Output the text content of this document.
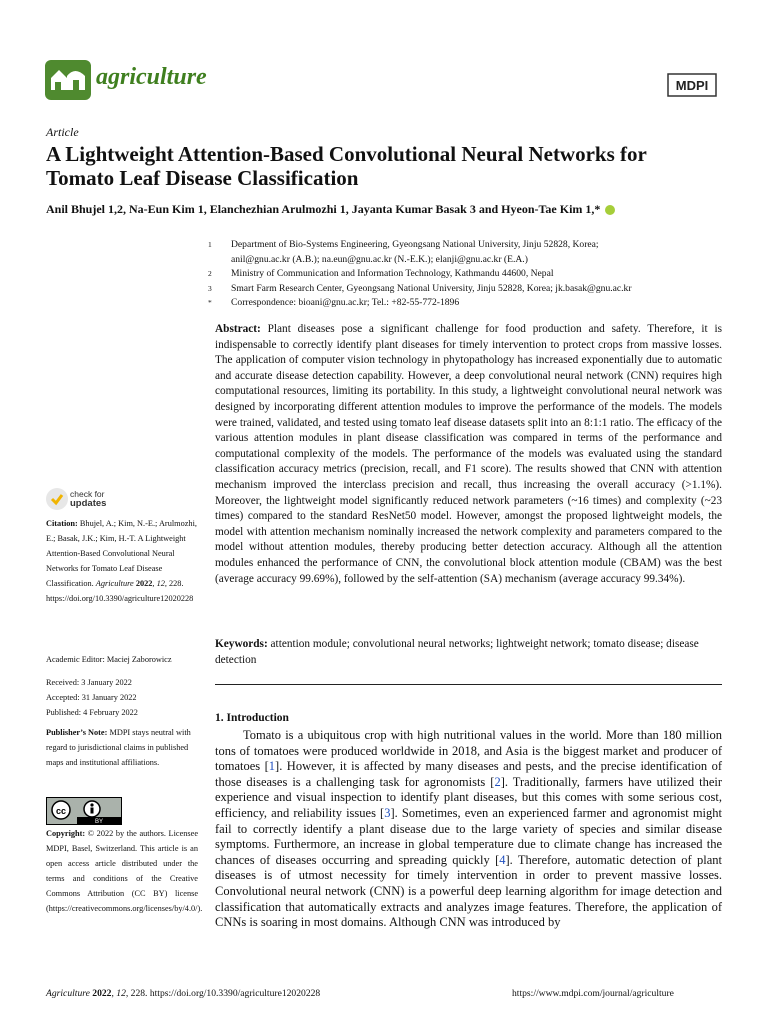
agriculture	MDPI
Article
A Lightweight Attention-Based Convolutional Neural Networks for Tomato Leaf Disease Classification
Anil Bhujel 1,2, Na-Eun Kim 1, Elanchezhian Arulmozhi 1, Jayanta Kumar Basak 3 and Hyeon-Tae Kim 1,*
1	Department of Bio-Systems Engineering, Gyeongsang National University, Jinju 52828, Korea;
anil@gnu.ac.kr (A.B.); na.eun@gnu.ac.kr (N.-E.K.); elanji@gnu.ac.kr (E.A.)
2	Ministry of Communication and Information Technology, Kathmandu 44600, Nepal
3	Smart Farm Research Center, Gyeongsang National University, Jinju 52828, Korea; jk.basak@gnu.ac.kr
*	Correspondence: bioani@gnu.ac.kr; Tel.: +82-55-772-1896
Abstract: Plant diseases pose a significant challenge for food production and safety. Therefore, it is indispensable to correctly identify plant diseases for timely intervention to protect crops from massive losses. The application of computer vision technology in phytopathology has increased exponentially due to automatic and accurate disease detection capability. However, a deep convolutional neural network (CNN) requires high computational resources, limiting its portability. In this study, a lightweight convolutional neural network was designed by incorporating different attention modules to improve the performance of the models. The models were trained, validated, and tested using tomato leaf disease datasets split into an 8:1:1 ratio. The efficacy of the various attention modules in plant disease classification was compared in terms of the performance and computational complexity of the models. The performance of the models was evaluated using the standard classification accuracy metrics (precision, recall, and F1 score). The results showed that CNN with attention mechanism improved the interclass precision and recall, thus increasing the overall accuracy (>1.1%). Moreover, the lightweight model significantly reduced network parameters (~16 times) and complexity (~23 times) compared to the standard ResNet50 model. However, amongst the proposed lightweight models, the model with attention mechanism nominally increased the network complexity and parameters compared to the model without attention modules, thereby producing better detection accuracy. Although all the attention modules enhanced the performance of CNN, the convolutional block attention module (CBAM) was the best (average accuracy 99.69%), followed by the self-attention (SA) mechanism (average accuracy 99.34%).
Keywords: attention module; convolutional neural networks; lightweight network; tomato disease; disease detection
check for
updates
Citation: Bhujel, A.; Kim, N.-E.; Arulmozhi, E.; Basak, J.K.; Kim, H.-T. A Lightweight Attention-Based Convolutional Neural Networks for Tomato Leaf Disease Classification. Agriculture 2022, 12, 228. https://doi.org/10.3390/agriculture12020228
Academic Editor: Maciej Zaborowicz
Received: 3 January 2022
Accepted: 31 January 2022
Published: 4 February 2022
Publisher’s Note: MDPI stays neutral with regard to jurisdictional claims in published maps and institutional affiliations.
cc
BY
Copyright: © 2022 by the authors. Licensee MDPI, Basel, Switzerland. This article is an open access article distributed under the terms and conditions of the Creative Commons Attribution (CC BY) license (https://creativecommons.org/licenses/by/4.0/).
1. Introduction
Tomato is a ubiquitous crop with high nutritional values in the world. More than 180 million tons of tomatoes were produced worldwide in 2018, and Asia is the biggest market and producer of tomatoes [1]. However, it is affected by many diseases and pests, and the precise identification of those diseases is a challenging task for agronomists [2]. Traditionally, farmers have utilized their experience and visual inspection to identify plant diseases, but this comes with some serious cost, efficiency, and reliability issues [3]. Sometimes, even an experienced farmer and agronomist might fail to correctly identify a plant disease due to the large variety of species and similar disease symptoms. Furthermore, an increase in global temperature due to climate change has increased the chances of diseases occurring and spreading quickly [4]. Therefore, automatic detection of plant diseases is of utmost necessity for timely intervention in order to prevent massive losses. Convolutional neural network (CNN) is a powerful deep learning algorithm for image detection and classification that automatically extracts and analyzes image features. Therefore, the application of CNNs is soaring in most domains. Although CNN was introduced by
Agriculture 2022, 12, 228. https://doi.org/10.3390/agriculture12020228	https://www.mdpi.com/journal/agriculture
